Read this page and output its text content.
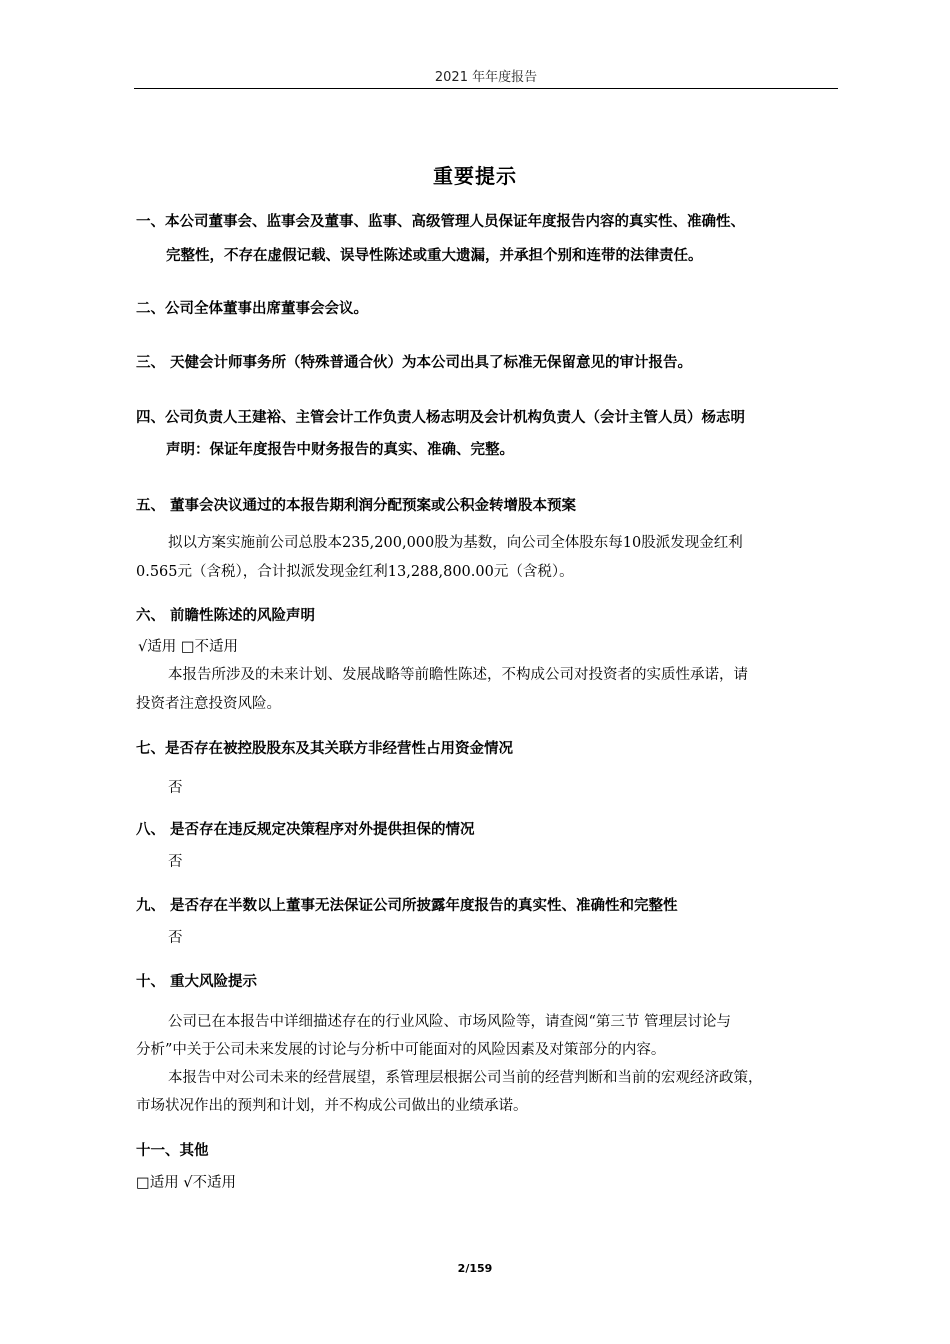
2021 年年度报告
重要提示
一、本公司董事会、监事会及董事、监事、高级管理人员保证年度报告内容的真实性、准确性、
完整性，不存在虚假记载、误导性陈述或重大遗漏，并承担个别和连带的法律责任。
二、公司全体董事出席董事会会议。
三、 天健会计师事务所（特殊普通合伙）为本公司出具了标准无保留意见的审计报告。
四、公司负责人王建裕、主管会计工作负责人杨志明及会计机构负责人（会计主管人员）杨志明
声明：保证年度报告中财务报告的真实、准确、完整。
五、 董事会决议通过的本报告期利润分配预案或公积金转增股本预案
拟以方案实施前公司总股本235,200,000股为基数，向公司全体股东每10股派发现金红利
0.565元（含税），合计拟派发现金红利13,288,800.00元（含税）。
六、 前瞻性陈述的风险声明
√适用 □不适用
本报告所涉及的未来计划、发展战略等前瞻性陈述，不构成公司对投资者的实质性承诺，请
投资者注意投资风险。
七、是否存在被控股股东及其关联方非经营性占用资金情况
否
八、 是否存在违反规定决策程序对外提供担保的情况
否
九、 是否存在半数以上董事无法保证公司所披露年度报告的真实性、准确性和完整性
否
十、 重大风险提示
公司已在本报告中详细描述存在的行业风险、市场风险等，请查阅“第三节 管理层讨论与
分析”中关于公司未来发展的讨论与分析中可能面对的风险因素及对策部分的内容。
本报告中对公司未来的经营展望，系管理层根据公司当前的经营判断和当前的宏观经济政策，
市场状况作出的预判和计划，并不构成公司做出的业绩承诺。
十一、其他
□适用 √不适用
2/159
